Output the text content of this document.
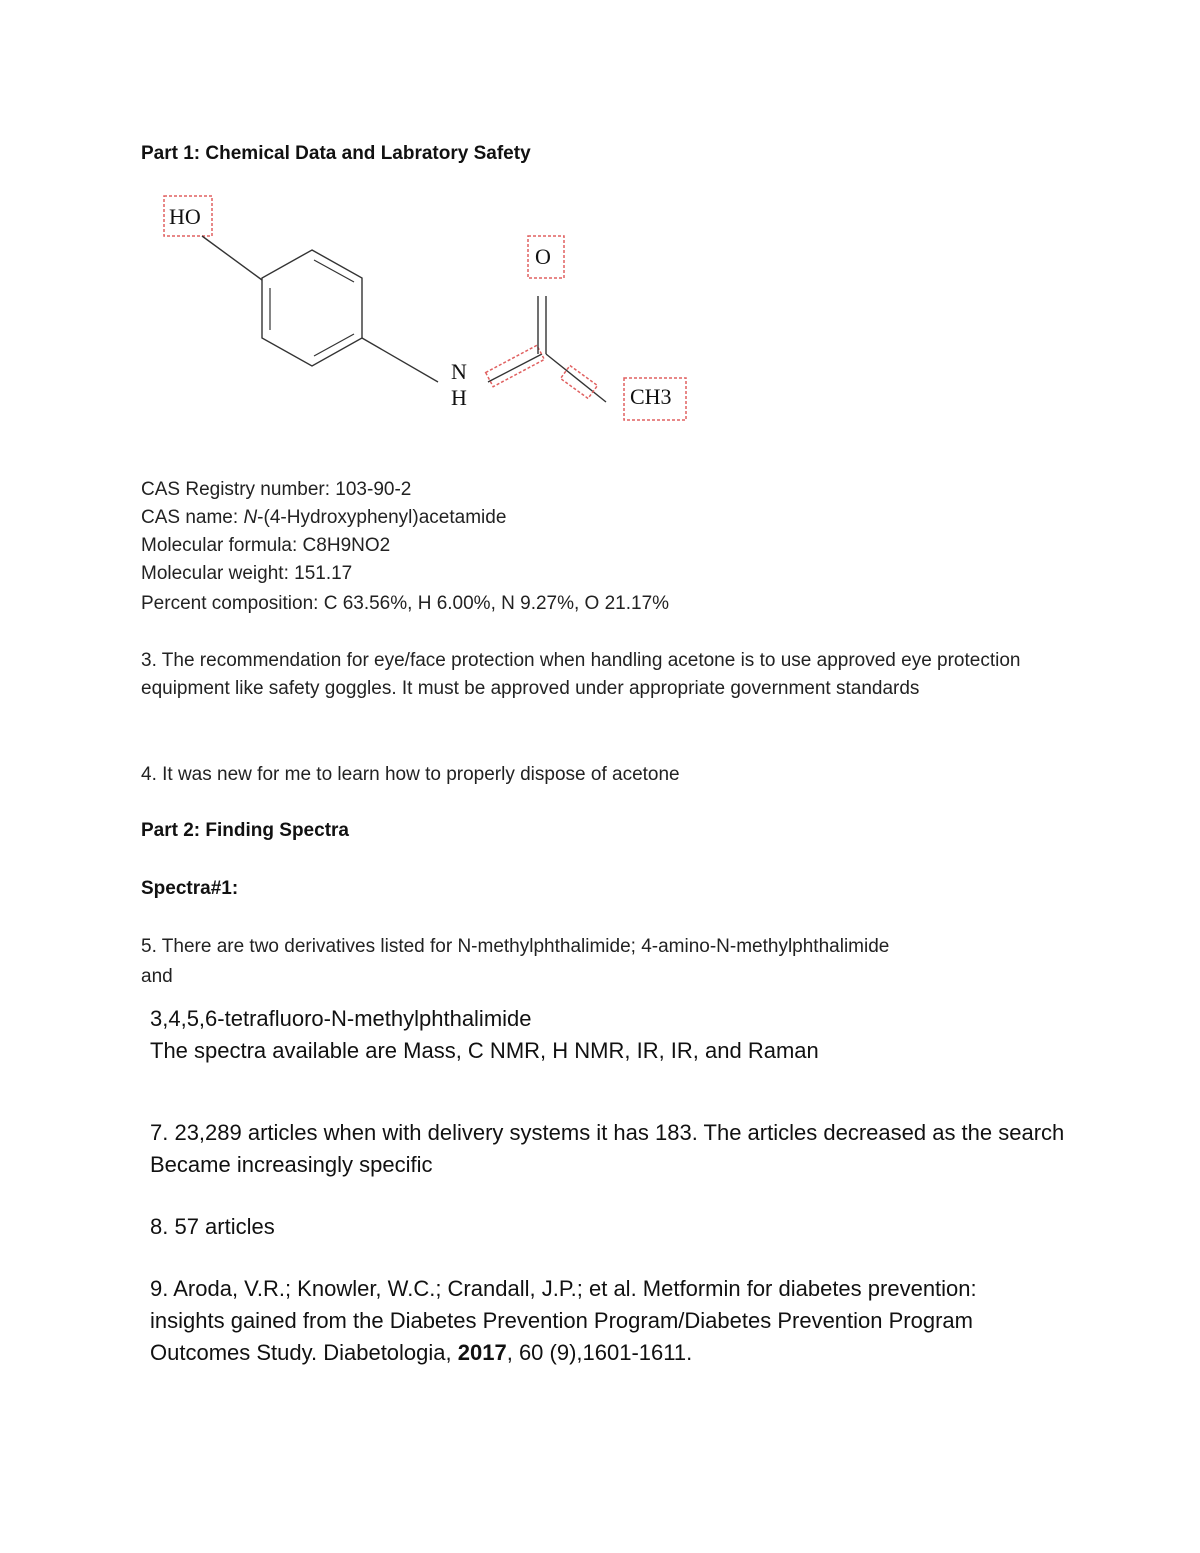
Part 1: Chemical Data and Labratory Safety
HO
N
H
O
CH3
CAS Registry number: 103-90-2
CAS name: N-(4-Hydroxyphenyl)acetamide
Molecular formula: C8H9NO2
Molecular weight: 151.17
Percent composition: C 63.56%, H 6.00%, N 9.27%, O 21.17%
3. The recommendation for eye/face protection when handling acetone is to use approved eye protection equipment like safety goggles. It must be approved under appropriate government standards
4. It was new for me to learn how to properly dispose of acetone
Part 2: Finding Spectra
Spectra#1:
5. There are two derivatives listed for N-methylphthalimide; 4-amino-N-methylphthalimide
and
3,4,5,6-tetrafluoro-N-methylphthalimide
The spectra available are Mass, C NMR, H NMR, IR, IR, and Raman
7. 23,289 articles when with delivery systems it has 183. The articles decreased as the search
Became increasingly specific
8. 57 articles
9. Aroda, V.R.; Knowler, W.C.; Crandall, J.P.; et al. Metformin for diabetes prevention:
insights gained from the Diabetes Prevention Program/Diabetes Prevention Program
Outcomes Study. Diabetologia, 2017, 60 (9),1601-1611.
